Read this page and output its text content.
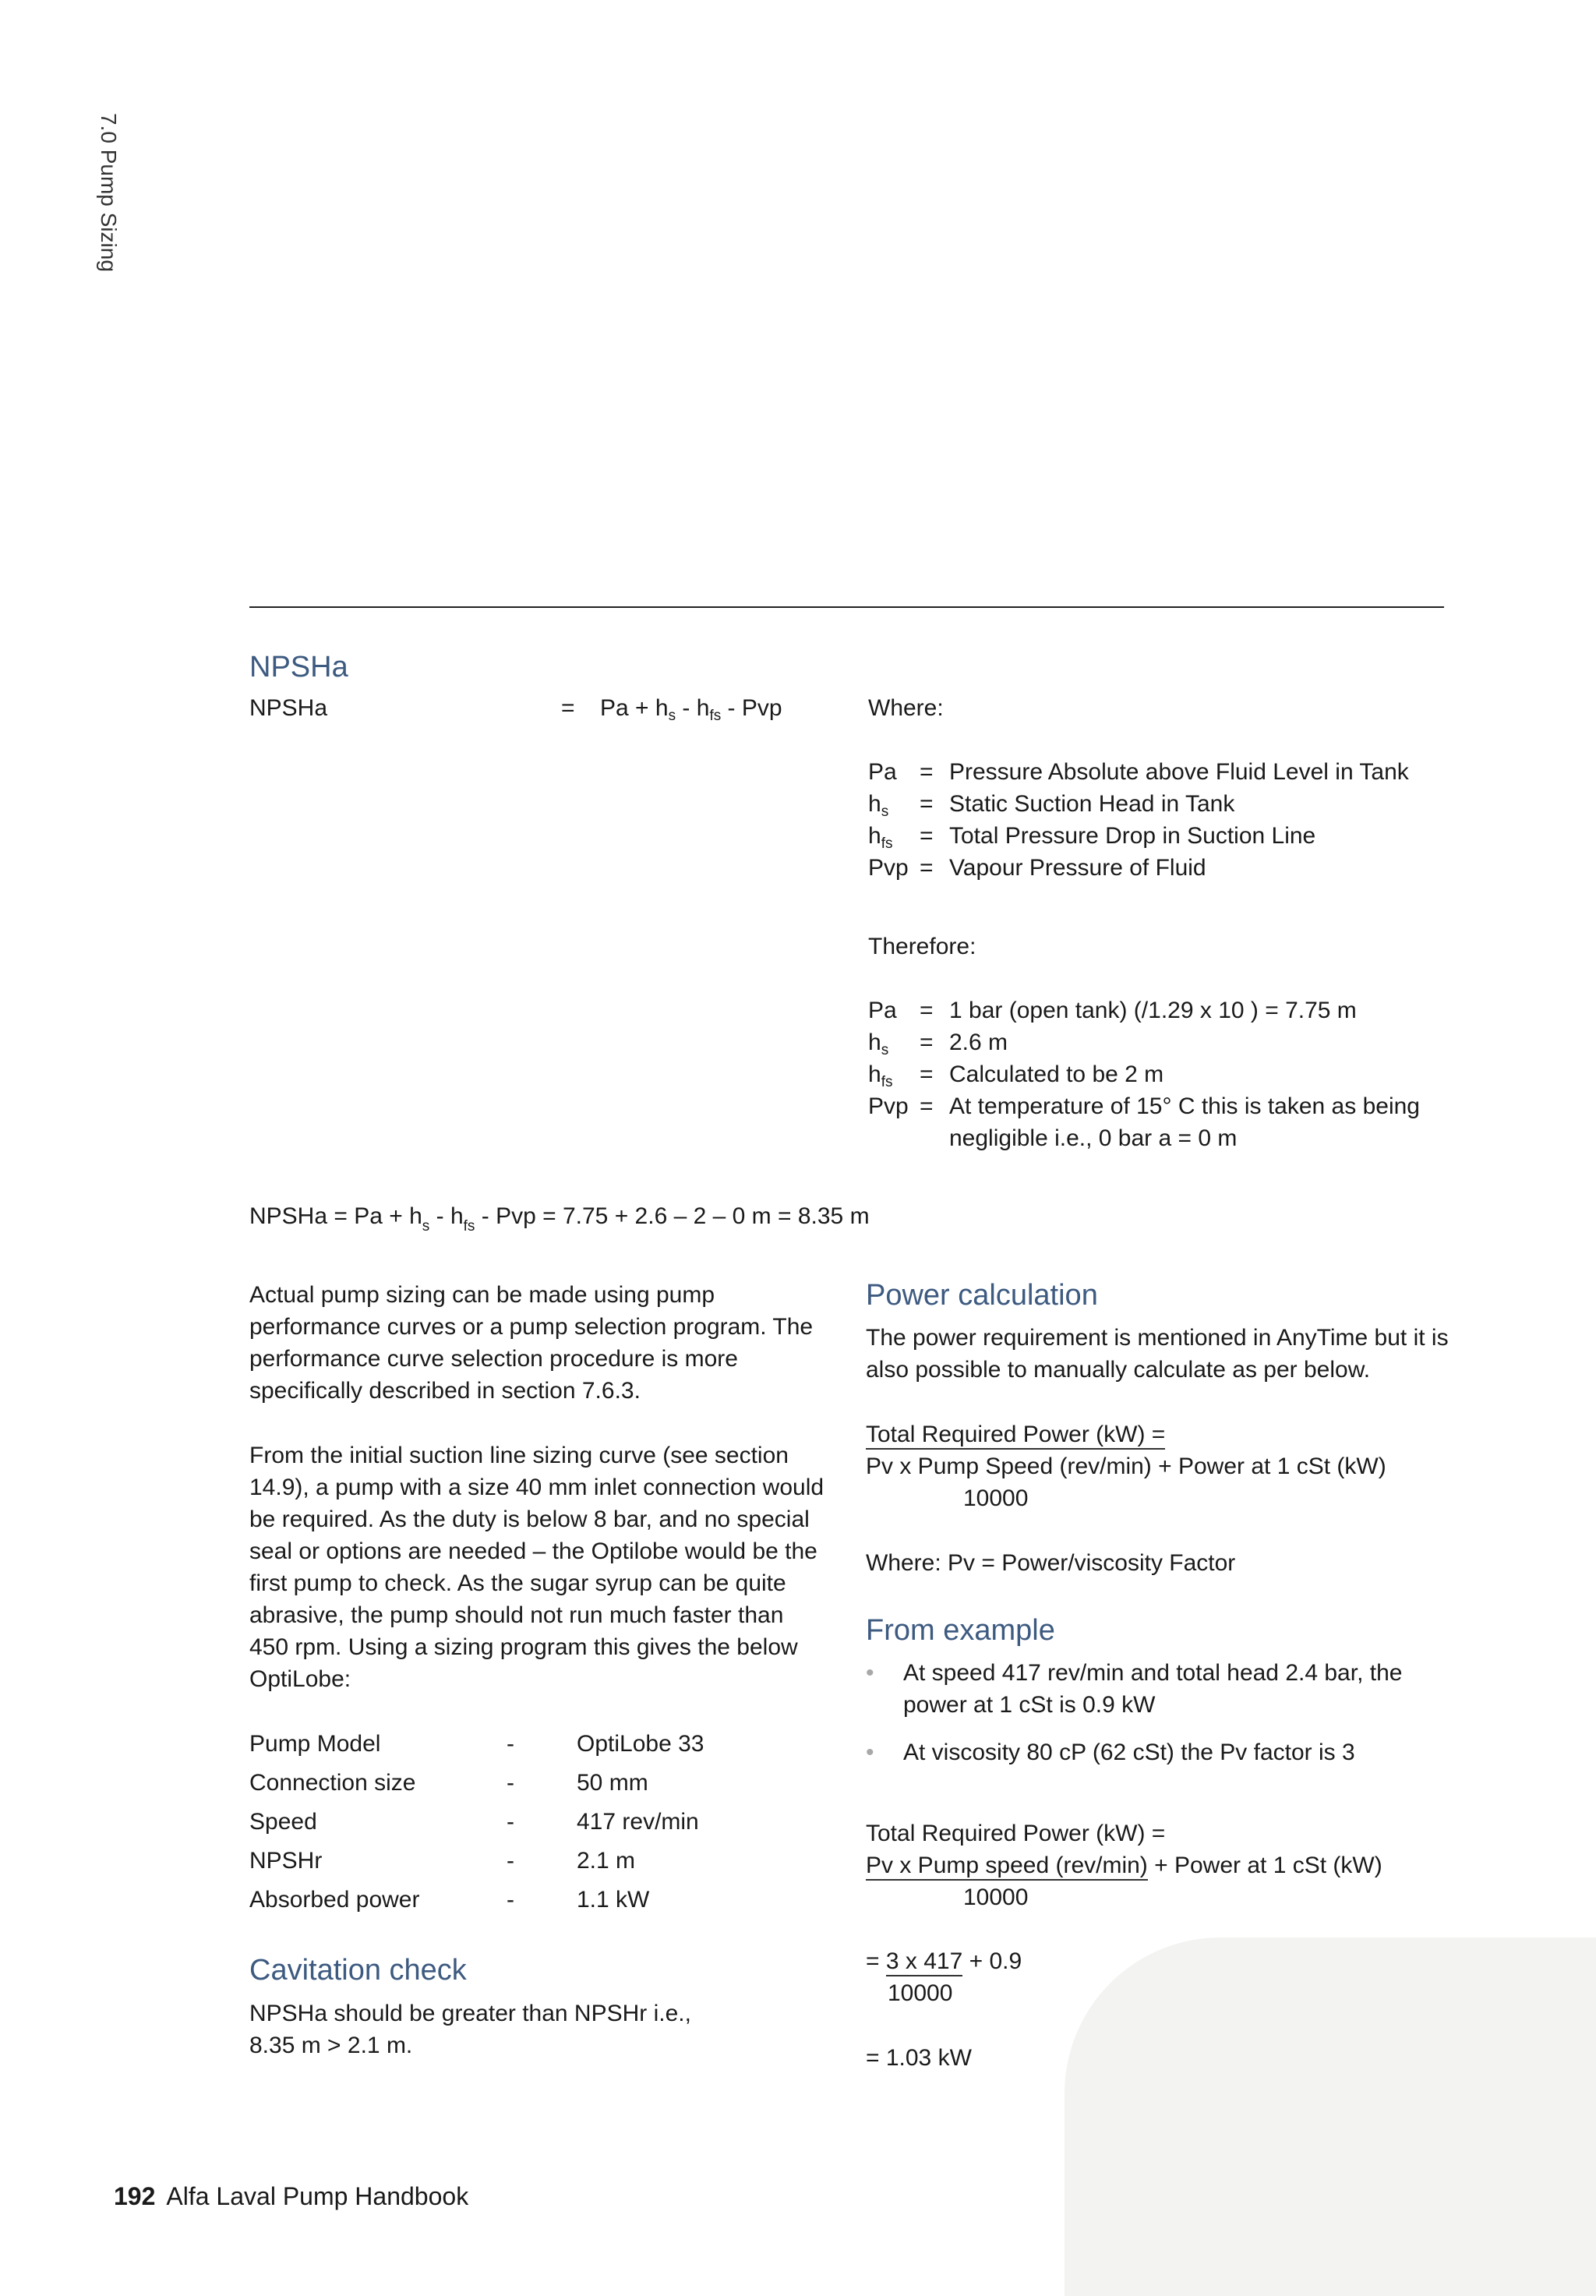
7.0 Pump Sizing
NPSHa
NPSHa	= $Pa + h_s - h_{fs}$ - Pvp	Where:
Pa = Pressure Absolute above Fluid Level in Tank
$h_s$	= Static Suction Head in Tank
$h_{fs}$	= Total Pressure Drop in Suction Line
Pvp = Vapour Pressure of Fluid
Therefore:
Pa = 1 bar (open tank) (/1.29 x 10 ) = 7.75 m
$h_s$	= 2.6 m
$h_{fs}$	= Calculated to be 2 m
Pvp = At temperature of 15° C this is taken as being
negligible i.e., 0 bar a = 0 m
NPSHa = $Pa + h_s - h_{fs}$ - Pvp = 7.75 + 2.6 – 2 – 0 m = 8.35 m
Actual pump sizing can be made using pump performance curves or a pump selection program. The performance curve selection procedure is more specifically described in section 7.6.3.
From the initial suction line sizing curve (see section 14.9), a pump with a size 40 mm inlet connection would be required. As the duty is below 8 bar, and no special seal or options are needed – the Optilobe would be the first pump to check. As the sugar syrup can be quite abrasive, the pump should not run much faster than 450 rpm. Using a sizing program this gives the below OptiLobe:
Pump Model	-	OptiLobe 33
Connection size	-	50 mm
Speed	-	417 rev/min
NPSHr	-	2.1 m
Absorbed power	-	1.1 kW
Cavitation check
NPSHa should be greater than NPSHr i.e.,
8.35 m > 2.1 m.
Power calculation
The power requirement is mentioned in AnyTime but it is also possible to manually calculate as per below.
Total Required Power (kW) =
Pv x Pump Speed (rev/min) + Power at 1 cSt (kW)
10000
Where: Pv = Power/viscosity Factor
From example
•	At speed 417 rev/min and total head 2.4 bar, the power at 1 cSt is 0.9 kW
•	At viscosity 80 cP (62 cSt) the Pv factor is 3
Total Required Power (kW) =
Pv x Pump speed (rev/min) + Power at 1 cSt (kW)
10000
= 3 x 417 + 0.9
10000
= 1.03 kW
192 Alfa Laval Pump Handbook
